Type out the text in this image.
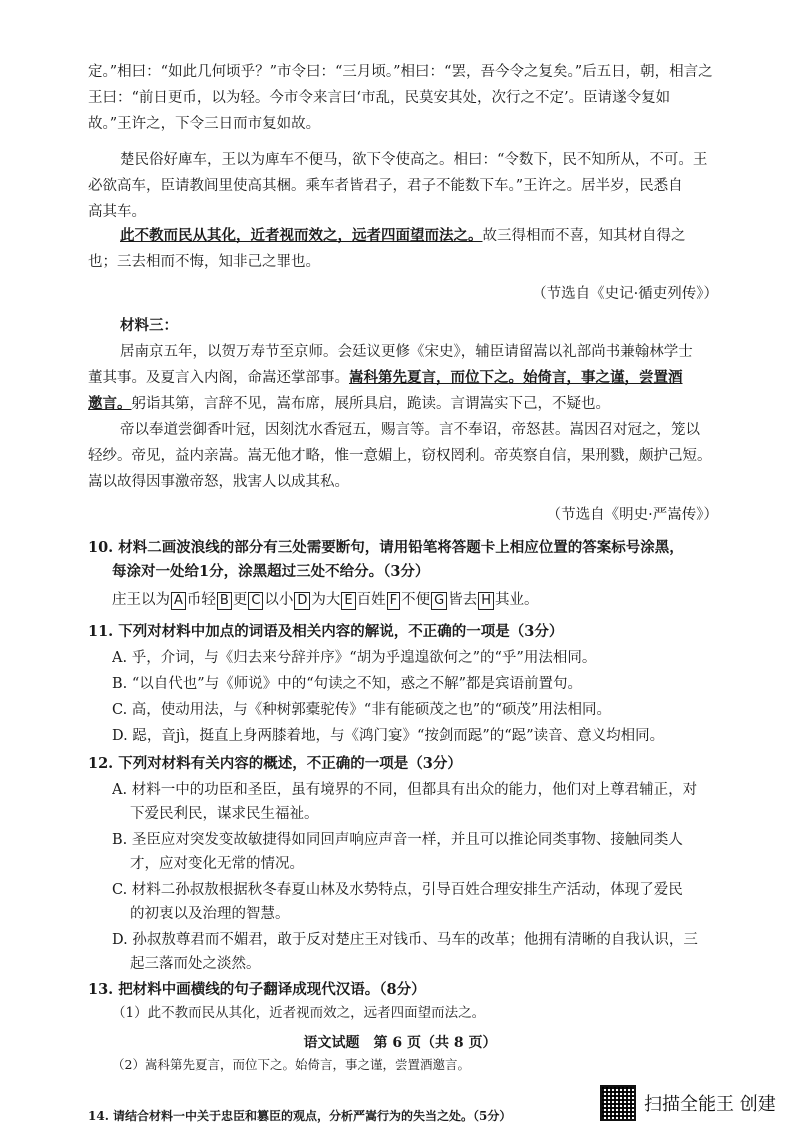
定。”相曰：“如此几何顷乎？”市令曰：“三月顷。”相曰：“罢，吾今令之复矣。”后五日，朝，相言之
王曰：“前日更币，以为轻。今市令来言曰‘市乱，民莫安其处，次行之不定’。臣请遂令复如
故。”王许之，下令三日而市复如故。
楚民俗好庳车，王以为庳车不便马，欲下令使高之。相曰：“令数下，民不知所从，不可。王
必欲高车，臣请教闾里使高其梱。乘车者皆君子，君子不能数下车。”王许之。居半岁，民悉自
高其车。
此不教而民从其化，近者视而效之，远者四面望而法之。故三得相而不喜，知其材自得之
也；三去相而不悔，知非己之罪也。
（节选自《史记·循吏列传》）
材料三：
居南京五年，以贺万寿节至京师。会廷议更修《宋史》，辅臣请留嵩以礼部尚书兼翰林学士
董其事。及夏言入内阁，命嵩还掌部事。嵩科第先夏言，而位下之。始倚言，事之谨，尝置酒
邀言。躬诣其第，言辞不见，嵩布席，展所具启，跪读。言谓嵩实下己，不疑也。
帝以奉道尝御香叶冠，因刻沈水香冠五，赐言等。言不奉诏，帝怒甚。嵩因召对冠之，笼以
轻纱。帝见，益内亲嵩。嵩无他才略，惟一意媚上，窃权罔利。帝英察自信，果刑戮，颇护己短。
嵩以故得因事激帝怒，戕害人以成其私。
（节选自《明史·严嵩传》）
10. 材料二画波浪线的部分有三处需要断句，请用铅笔将答题卡上相应位置的答案标号涂黑，
每涂对一处给1分，涂黑超过三处不给分。（3分）
庄王以为 A 币轻 B 更 C 以小 D 为大 E 百姓 F 不便 G 皆去 H 其业。
11. 下列对材料中加点的词语及相关内容的解说，不正确的一项是（3分）
A. 乎，介词，与《归去来兮辞并序》“胡为乎遑遑欲何之”的“乎”用法相同。
B. “以自代也”与《师说》中的“句读之不知，惑之不解”都是宾语前置句。
C. 高，使动用法，与《种树郭橐驼传》“非有能硕茂之也”的“硕茂”用法相同。
D. 跽，音jì，挺直上身两膝着地，与《鸿门宴》“按剑而跽”的“跽”读音、意义均相同。
12. 下列对材料有关内容的概述，不正确的一项是（3分）
A. 材料一中的功臣和圣臣，虽有境界的不同，但都具有出众的能力，他们对上尊君辅正，对
下爱民利民，谋求民生福祉。
B. 圣臣应对突发变故敏捷得如同回声响应声音一样，并且可以推论同类事物、接触同类人
才，应对变化无常的情况。
C. 材料二孙叔敖根据秋冬春夏山林及水势特点，引导百姓合理安排生产活动，体现了爱民
的初衷以及治理的智慧。
D. 孙叔敖尊君而不媚君，敢于反对楚庄王对钱币、马车的改革；他拥有清晰的自我认识，三
起三落而处之淡然。
13. 把材料中画横线的句子翻译成现代汉语。（8分）
（1）此不教而民从其化，近者视而效之，远者四面望而法之。
语文试题　第 6 页（共 8 页）
扫描全能王 创建
（2）嵩科第先夏言，而位下之。始倚言，事之谨，尝置酒邀言。
14. 请结合材料一中关于忠臣和篡臣的观点，分析严嵩行为的失当之处。（5分）
